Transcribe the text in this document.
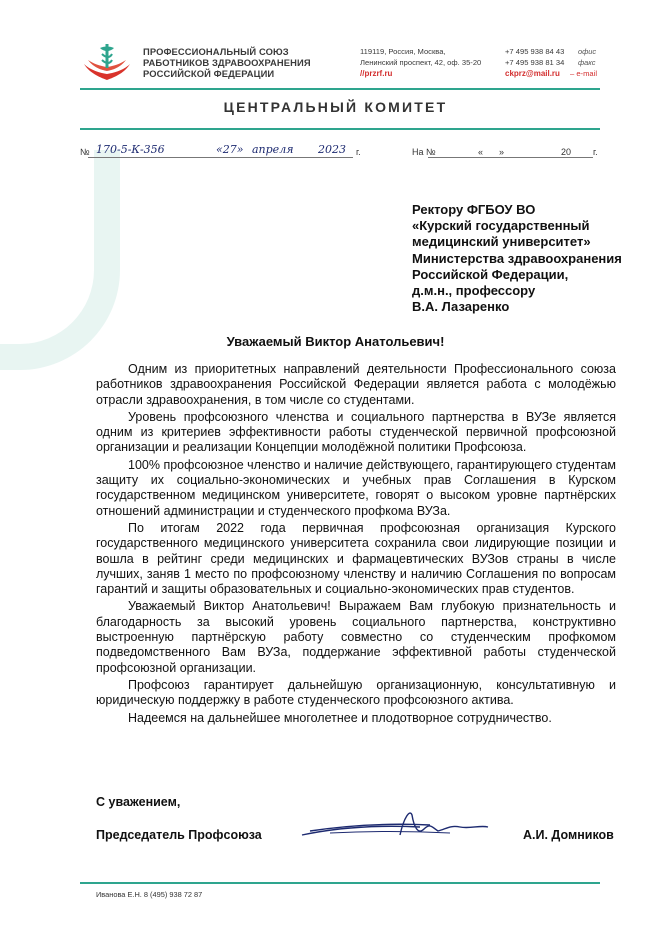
ПРОФЕССИОНАЛЬНЫЙ СОЮЗ
РАБОТНИКОВ ЗДРАВООХРАНЕНИЯ
РОССИЙСКОЙ ФЕДЕРАЦИИ
119119, Россия, Москва,
Ленинский проспект, 42, оф. 35-20
//przrf.ru
+7 495 938 84 43
+7 495 938 81 34
офис
факс
ckprz@mail.ru – e-mail
ЦЕНТРАЛЬНЫЙ КОМИТЕТ
№ 170-5-К-356	«27» апреля 2023 г.	На №	« »	20 г.
Ректору ФГБОУ ВО
«Курский государственный
медицинский университет»
Министерства здравоохранения
Российской Федерации,
д.м.н., профессору
В.А. Лазаренко
Уважаемый Виктор Анатольевич!

Одним из приоритетных направлений деятельности Профессионального союза работников здравоохранения Российской Федерации является работа с молодёжью отрасли здравоохранения, в том числе со студентами.

Уровень профсоюзного членства и социального партнерства в ВУЗе является одним из критериев эффективности работы студенческой первичной профсоюзной организации и реализации Концепции молодёжной политики Профсоюза.

100% профсоюзное членство и наличие действующего, гарантирующего студентам защиту их социально-экономических и учебных прав Соглашения в Курском государственном медицинском университете, говорят о высоком уровне партнёрских отношений администрации и студенческого профкома ВУЗа.

По итогам 2022 года первичная профсоюзная организация Курского государственного медицинского университета сохранила свои лидирующие позиции и вошла в рейтинг среди медицинских и фармацевтических ВУЗов страны в числе лучших, заняв 1 место по профсоюзному членству и наличию Соглашения по вопросам гарантий и защиты образовательных и социально-экономических прав студентов.

Уважаемый Виктор Анатольевич! Выражаем Вам глубокую признательность и благодарность за высокий уровень социального партнерства, конструктивно выстроенную партнёрскую работу совместно со студенческим профкомом подведомственного Вам ВУЗа, поддержание эффективной работы студенческой профсоюзной организации.

Профсоюз гарантирует дальнейшую организационную, консультативную и юридическую поддержку в работе студенческого профсоюзного актива.

Надеемся на дальнейшее многолетнее и плодотворное сотрудничество.

С уважением,
Председатель Профсоюза	А.И. Домников
Иванова Е.Н. 8 (495) 938 72 87
